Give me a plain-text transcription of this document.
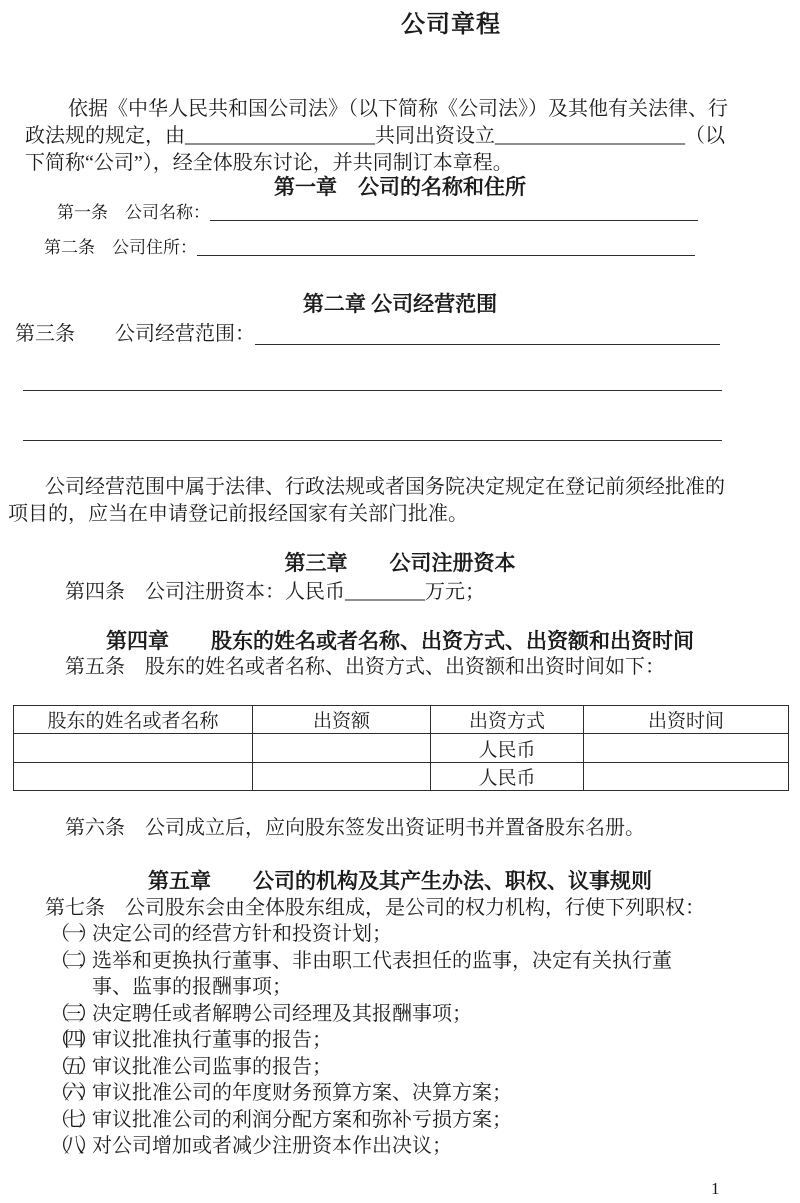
公司章程
依据《中华人民共和国公司法》（以下简称《公司法》）及其他有关法律、行
政法规的规定，由___________________共同出资设立___________________（以
下简称“公司”），经全体股东讨论，并共同制订本章程。
第一章　公司的名称和住所
第一条　公司名称：
第二条　公司住所：
第二章 公司经营范围
第三条　　公司经营范围：
公司经营范围中属于法律、行政法规或者国务院决定规定在登记前须经批准的
项目的，应当在申请登记前报经国家有关部门批准。
第三章　　公司注册资本
第四条　公司注册资本：人民币________万元；
第四章　　股东的姓名或者名称、出资方式、出资额和出资时间
第五条　股东的姓名或者名称、出资方式、出资额和出资时间如下：
股东的姓名或者名称	出资额	出资方式	出资时间
		人民币	
		人民币	
第六条　公司成立后，应向股东签发出资证明书并置备股东名册。
第五章　　公司的机构及其产生办法、职权、议事规则
第七条　公司股东会由全体股东组成，是公司的权力机构，行使下列职权：
（一） 决定公司的经营方针和投资计划；
（二） 选举和更换执行董事、非由职工代表担任的监事，决定有关执行董
事、监事的报酬事项；
（三） 决定聘任或者解聘公司经理及其报酬事项；
（四） 审议批准执行董事的报告；
（五） 审议批准公司监事的报告；
（六） 审议批准公司的年度财务预算方案、决算方案；
（七） 审议批准公司的利润分配方案和弥补亏损方案；
（八） 对公司增加或者减少注册资本作出决议；
1
